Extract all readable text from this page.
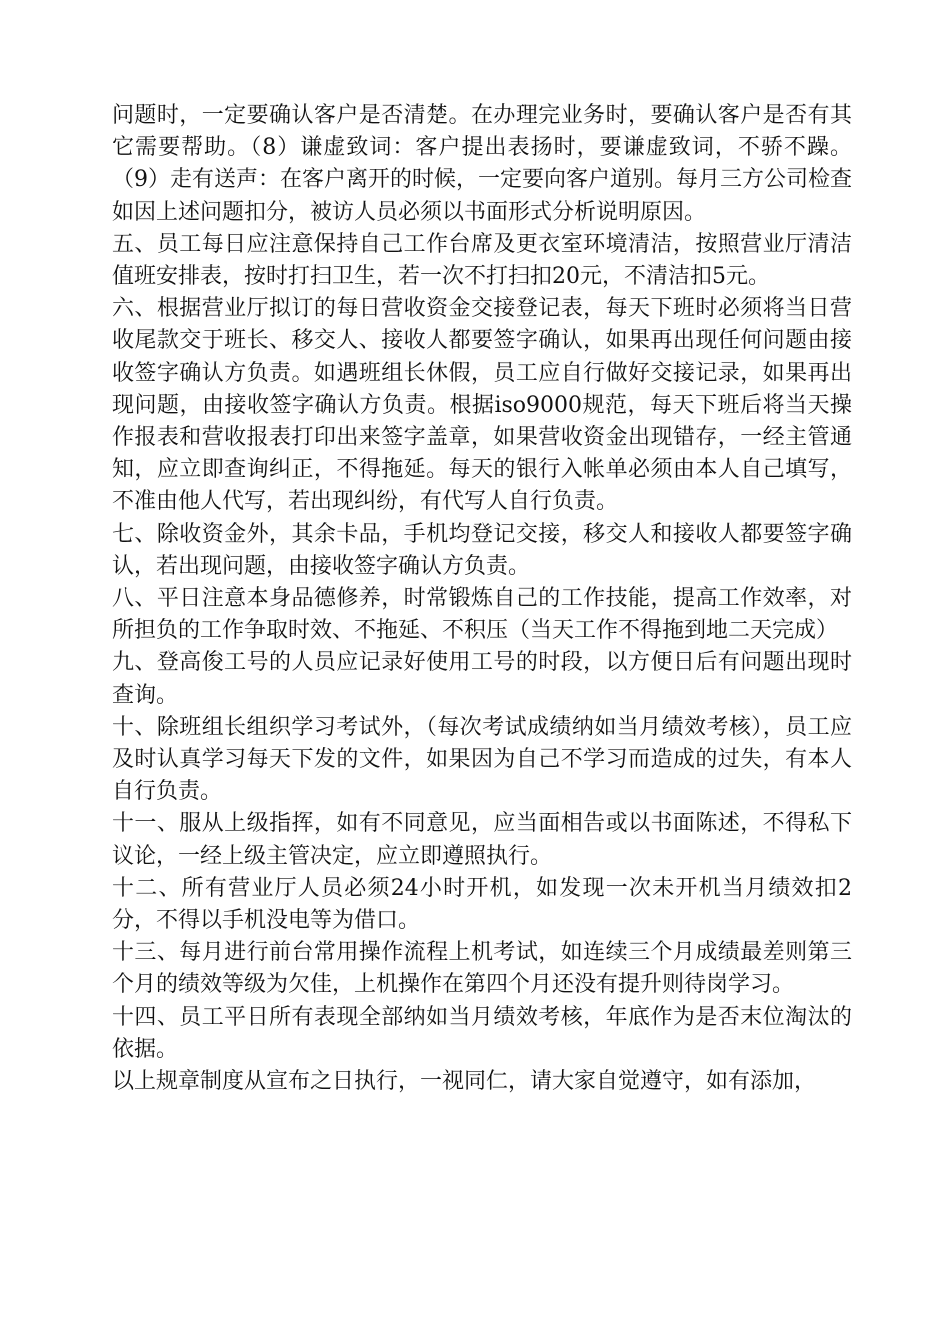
问题时，一定要确认客户是否清楚。在办理完业务时，要确认客户是否有其它需要帮助。（8）谦虚致词：客户提出表扬时，要谦虚致词，不骄不躁。（9）走有送声：在客户离开的时候，一定要向客户道别。每月三方公司检查如因上述问题扣分，被访人员必须以书面形式分析说明原因。

五、员工每日应注意保持自己工作台席及更衣室环境清洁，按照营业厅清洁值班安排表，按时打扫卫生，若一次不打扫扣20元，不清洁扣5元。

六、根据营业厅拟订的每日营收资金交接登记表，每天下班时必须将当日营收尾款交于班长、移交人、接收人都要签字确认，如果再出现任何问题由接收签字确认方负责。如遇班组长休假，员工应自行做好交接记录，如果再出现问题，由接收签字确认方负责。根据iso9000规范，每天下班后将当天操作报表和营收报表打印出来签字盖章，如果营收资金出现错存，一经主管通知，应立即查询纠正，不得拖延。每天的银行入帐单必须由本人自己填写，不准由他人代写，若出现纠纷，有代写人自行负责。

七、除收资金外，其余卡品，手机均登记交接，移交人和接收人都要签字确认，若出现问题，由接收签字确认方负责。

八、平日注意本身品德修养，时常锻炼自己的工作技能，提高工作效率，对所担负的工作争取时效、不拖延、不积压（当天工作不得拖到地二天完成）

九、登高俊工号的人员应记录好使用工号的时段，以方便日后有问题出现时查询。

十、除班组长组织学习考试外，（每次考试成绩纳如当月绩效考核），员工应及时认真学习每天下发的文件，如果因为自己不学习而造成的过失，有本人自行负责。

十一、服从上级指挥，如有不同意见，应当面相告或以书面陈述，不得私下议论，一经上级主管决定，应立即遵照执行。

十二、所有营业厅人员必须24小时开机，如发现一次未开机当月绩效扣2分，不得以手机没电等为借口。

十三、每月进行前台常用操作流程上机考试，如连续三个月成绩最差则第三个月的绩效等级为欠佳，上机操作在第四个月还没有提升则待岗学习。

十四、员工平日所有表现全部纳如当月绩效考核，年底作为是否末位淘汰的依据。

以上规章制度从宣布之日执行，一视同仁，请大家自觉遵守，如有添加，
